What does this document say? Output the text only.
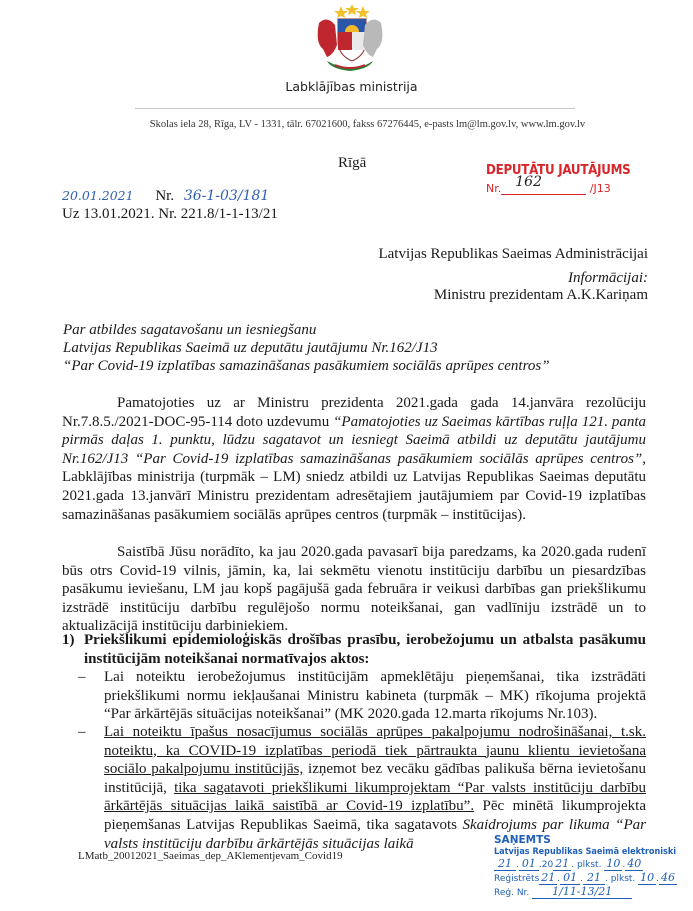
Labklājības ministrija
Skolas iela 28, Rīga, LV - 1331, tālr. 67021600, fakss 67276445, e-pasts lm@lm.gov.lv, www.lm.gov.lv
Rīgā	DEPUTĀTU JAUTĀJUMS
Nr. 162	/J13
20.01.2021 Nr. 36-1-03/181
Uz 13.01.2021. Nr. 221.8/1-1-13/21
Latvijas Republikas Saeimas Administrācijai
Informācijai:
Ministru prezidentam A.K.Kariņam
Par atbildes sagatavošanu un iesniegšanu
Latvijas Republikas Saeimā uz deputātu jautājumu Nr.162/J13
“Par Covid-19 izplatības samazināšanas pasākumiem sociālās aprūpes centros”
Pamatojoties uz ar Ministru prezidenta 2021.gada gada 14.janvāra rezolūciju Nr.7.8.5./2021-DOC-95-114 doto uzdevumu “Pamatojoties uz Saeimas kārtības ruļļa 121. panta pirmās daļas 1. punktu, lūdzu sagatavot un iesniegt Saeimā atbildi uz deputātu jautājumu Nr.162/J13 “Par Covid-19 izplatības samazināšanas pasākumiem sociālās aprūpes centros”, Labklājības ministrija (turpmāk – LM) sniedz atbildi uz Latvijas Republikas Saeimas deputātu 2021.gada 13.janvārī Ministru prezidentam adresētajiem jautājumiem par Covid-19 izplatības samazināšanas pasākumiem sociālās aprūpes centros (turpmāk – institūcijas).
Saistībā Jūsu norādīto, ka jau 2020.gada pavasarī bija paredzams, ka 2020.gada rudenī būs otrs Covid-19 vilnis, jāmin, ka, lai sekmētu vienotu institūciju darbību un piesardzības pasākumu ieviešanu, LM jau kopš pagājušā gada februāra ir veikusi darbības gan priekšlikumu izstrādē institūciju darbību regulējošo normu noteikšanai, gan vadlīniju izstrādē un to aktualizācijā institūciju darbiniekiem.
1) Priekšlikumi epidemioloģiskās drošības prasību, ierobežojumu un atbalsta pasākumu institūcijām noteikšanai normatīvajos aktos:
–	Lai noteiktu ierobežojumus institūcijām apmeklētāju pieņemšanai, tika izstrādāti priekšlikumi normu iekļaušanai Ministru kabineta (turpmāk – MK) rīkojuma projektā “Par ārkārtējās situācijas noteikšanai” (MK 2020.gada 12.marta rīkojums Nr.103).
–	Lai noteiktu īpašus nosacījumus sociālās aprūpes pakalpojumu nodrošināšanai, t.sk. noteiktu, ka COVID-19 izplatības periodā tiek pārtraukta jaunu klientu ievietošana sociālo pakalpojumu institūcijās, izņemot bez vecāku gādības palikuša bērna ievietošanu institūcijā, tika sagatavoti priekšlikumi likumprojektam “Par valsts institūciju darbību ārkārtējās situācijas laikā saistībā ar Covid-19 izplatību”. Pēc minētā likumprojekta pieņemšanas Latvijas Republikas Saeimā, tika sagatavots Skaidrojums par likuma “Par valsts institūciju darbību ārkārtējās situācijas laikā
LMatb_20012021_Saeimas_dep_AKlementjevam_Covid19
SAŅEMTS
Latvijas Republikas Saeimā elektroniski
21 . 01 .20 21 . plkst. 10 . 40
Reģistrēts 21 . 01 . 21 . plkst. 10 . 46
Reģ. Nr. 1/11-13/21
